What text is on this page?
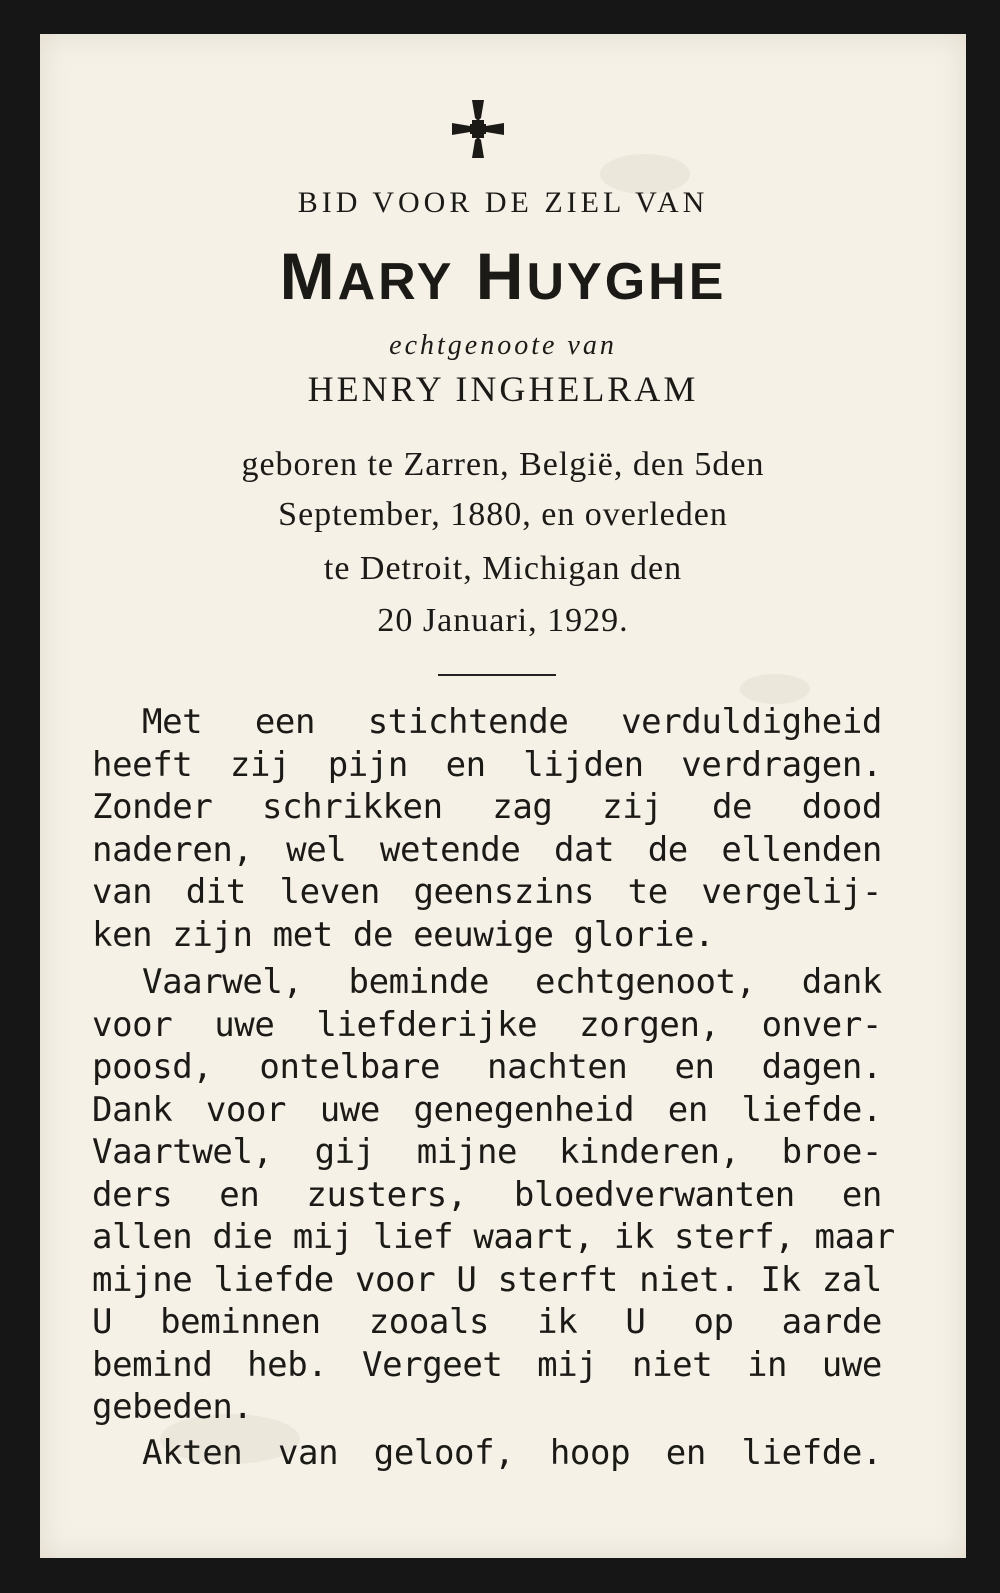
BID VOOR DE ZIEL VAN
MARY HUYGHE
echtgenoote van
HENRY INGHELRAM
geboren te Zarren, België, den 5den
September, 1880, en overleden
te Detroit, Michigan den
20 Januari, 1929.
Met een stichtende verduldigheid
heeft zij pijn en lijden verdragen.
Zonder schrikken zag zij de dood
naderen, wel wetende dat de ellenden
van dit leven geenszins te vergelij-
ken zijn met de eeuwige glorie.
Vaarwel, beminde echtgenoot, dank
voor uwe liefderijke zorgen, onver-
poosd, ontelbare nachten en dagen.
Dank voor uwe genegenheid en liefde.
Vaartwel, gij mijne kinderen, broe-
ders en zusters, bloedverwanten en
allen die mij lief waart, ik sterf, maar
mijne liefde voor U sterft niet. Ik zal
U beminnen zooals ik U op aarde
bemind heb. Vergeet mij niet in uwe
gebeden.
Akten van geloof, hoop en liefde.
